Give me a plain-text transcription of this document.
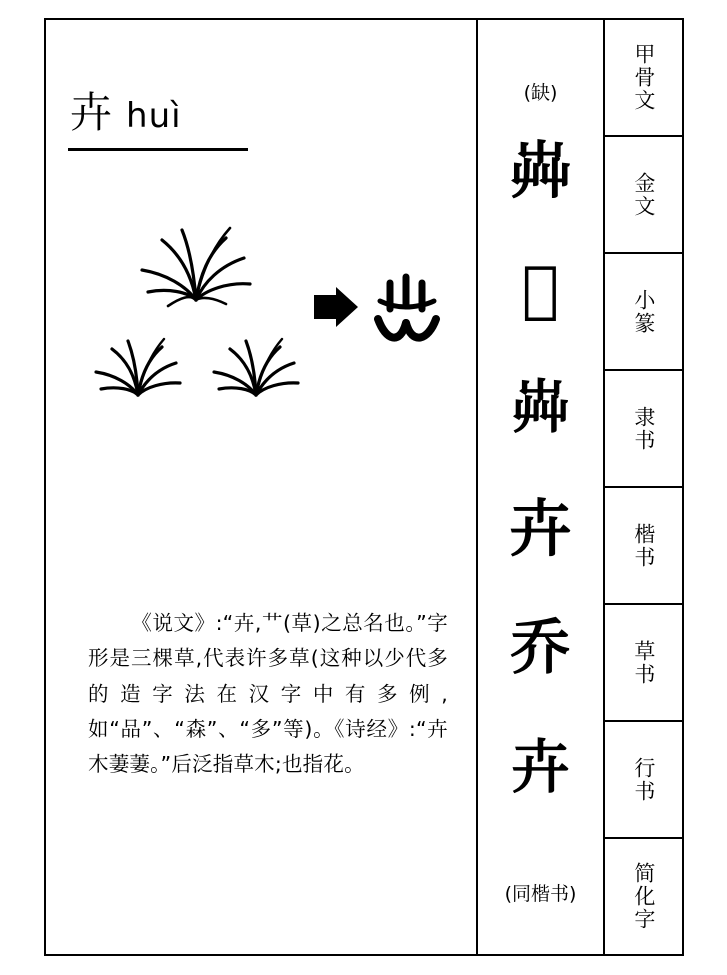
卉 huì
《说文》:“卉,艹(草)之总名也。”字形是三棵草,代表许多草(这种以少代多的造字法在汉字中有多例,如“品”、“森”、“多”等)。《诗经》:“卉木萋萋。”后泛指草木;也指花。
(缺)
芔
𡴀
芔
卉
乔
卉
(同楷书)
甲骨文
金文
小篆
隶书
楷书
草书
行书
简化字
